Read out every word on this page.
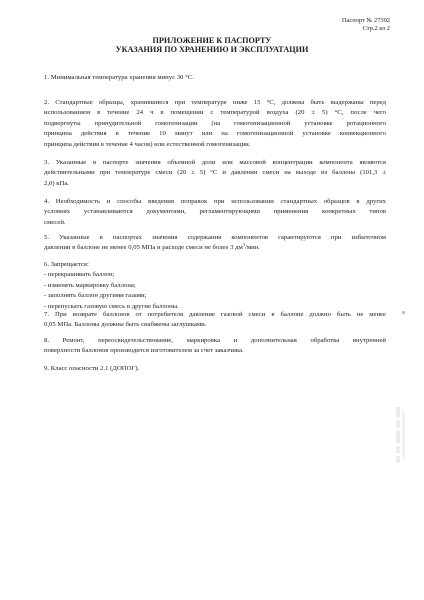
Паспорт № 27392
Стр.2 из 2
ПРИЛОЖЕНИЕ К ПАСПОРТУ
УКАЗАНИЯ ПО ХРАНЕНИЮ И ЭКСПЛУАТАЦИИ
1. Минимальная температура хранения минус 30 °С.
2. Стандартные образцы, хранившиеся при температуре ниже 15 °С, должны быть выдержаны перед
использованием в течение 24 ч в помещении с температурой воздуха (20 ± 5) °С, после чего
подвергнуты принудительной гомогенизации (на гомогенизационной установке ротационного
принципа действия в течение 10 минут или на гомогенизационной установке конвекционного
принципа действия в течение 4 часов) или естественной гомогенизации.
3. Указанные в паспорте значения объемной доли или массовой концентрации компонента являются
действительными при температуре смеси (20 ± 5) °С и давлении смеси на выходе из баллона (101,3 ±
2,0) кПа.
4. Необходимость и способы введения поправок при использовании стандартных образцов в других
условиях устанавливаются документами, регламентирующими применения конкретных типов
смесей.
5. Указанные в паспортах значения содержания компонентов гарантируются при избыточном
давлении в баллоне не менее 0,05 МПа и расходе смеси не более 3 $дм^3$/мин.
6. Запрещается:
- перекрашивать баллон;
- изменять маркировку баллона;
- заполнять баллон другими газами;
- перепускать газовую смесь в другие баллоны.
7. При возврате баллонов от потребителя давление газовой смеси в баллоне должно быть не менее
0,05 МПа. Баллоны должны быть снабжены заглушками.
8. Ремонт, переосвидетельствование, маркировка и дополнительная обработка внутренней
поверхности баллонов производится изготовителем за счет заказчика.
9. Класс опасности 2.1 (ДОПОГ).
